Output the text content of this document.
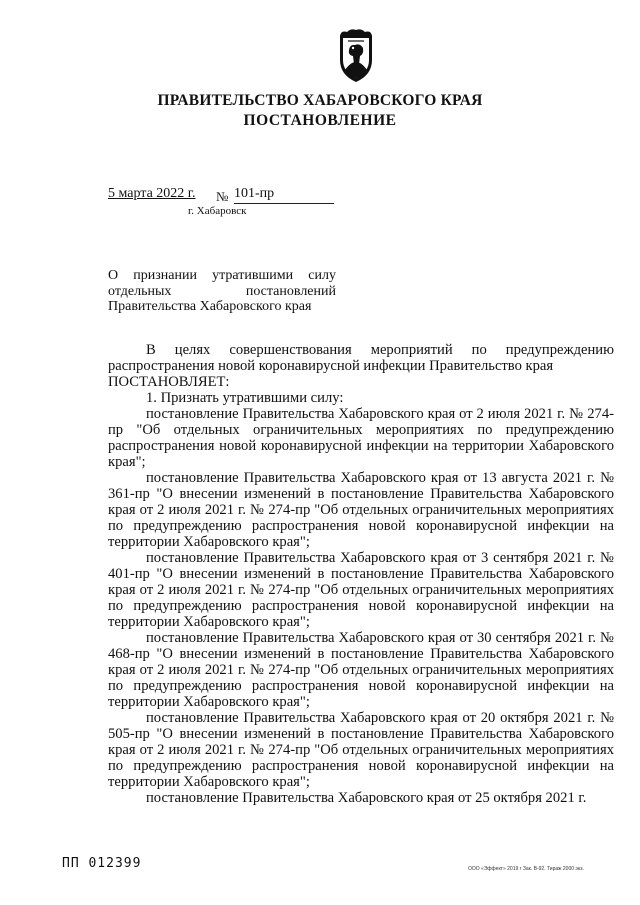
ПРАВИТЕЛЬСТВО ХАБАРОВСКОГО КРАЯ
ПОСТАНОВЛЕНИЕ
5 марта 2022 г. № 101-пр
г. Хабаровск
О признании утратившими силу отдельных постановлений Правительства Хабаровского края

В целях совершенствования мероприятий по предупреждению распространения новой коронавирусной инфекции Правительство края

ПОСТАНОВЛЯЕТ:

1. Признать утратившими силу:

постановление Правительства Хабаровского края от 2 июля 2021 г. № 274-пр "Об отдельных ограничительных мероприятиях по предупреждению распространения новой коронавирусной инфекции на территории Хабаровского края";

постановление Правительства Хабаровского края от 13 августа 2021 г. № 361-пр "О внесении изменений в постановление Правительства Хабаровского края от 2 июля 2021 г. № 274-пр "Об отдельных ограничительных мероприятиях по предупреждению распространения новой коронавирусной инфекции на территории Хабаровского края";

постановление Правительства Хабаровского края от 3 сентября 2021 г. № 401-пр "О внесении изменений в постановление Правительства Хабаровского края от 2 июля 2021 г. № 274-пр "Об отдельных ограничительных мероприятиях по предупреждению распространения новой коронавирусной инфекции на территории Хабаровского края";

постановление Правительства Хабаровского края от 30 сентября 2021 г. № 468-пр "О внесении изменений в постановление Правительства Хабаровского края от 2 июля 2021 г. № 274-пр "Об отдельных ограничительных мероприятиях по предупреждению распространения новой коронавирусной инфекции на территории Хабаровского края";

постановление Правительства Хабаровского края от 20 октября 2021 г. № 505-пр "О внесении изменений в постановление Правительства Хабаровского края от 2 июля 2021 г. № 274-пр "Об отдельных ограничительных мероприятиях по предупреждению распространения новой коронавирусной инфекции на территории Хабаровского края";

постановление Правительства Хабаровского края от 25 октября 2021 г.

ПП 012399	ООО «Эффект» 2019 г Зак. В-92. Тираж 2000 экз.
